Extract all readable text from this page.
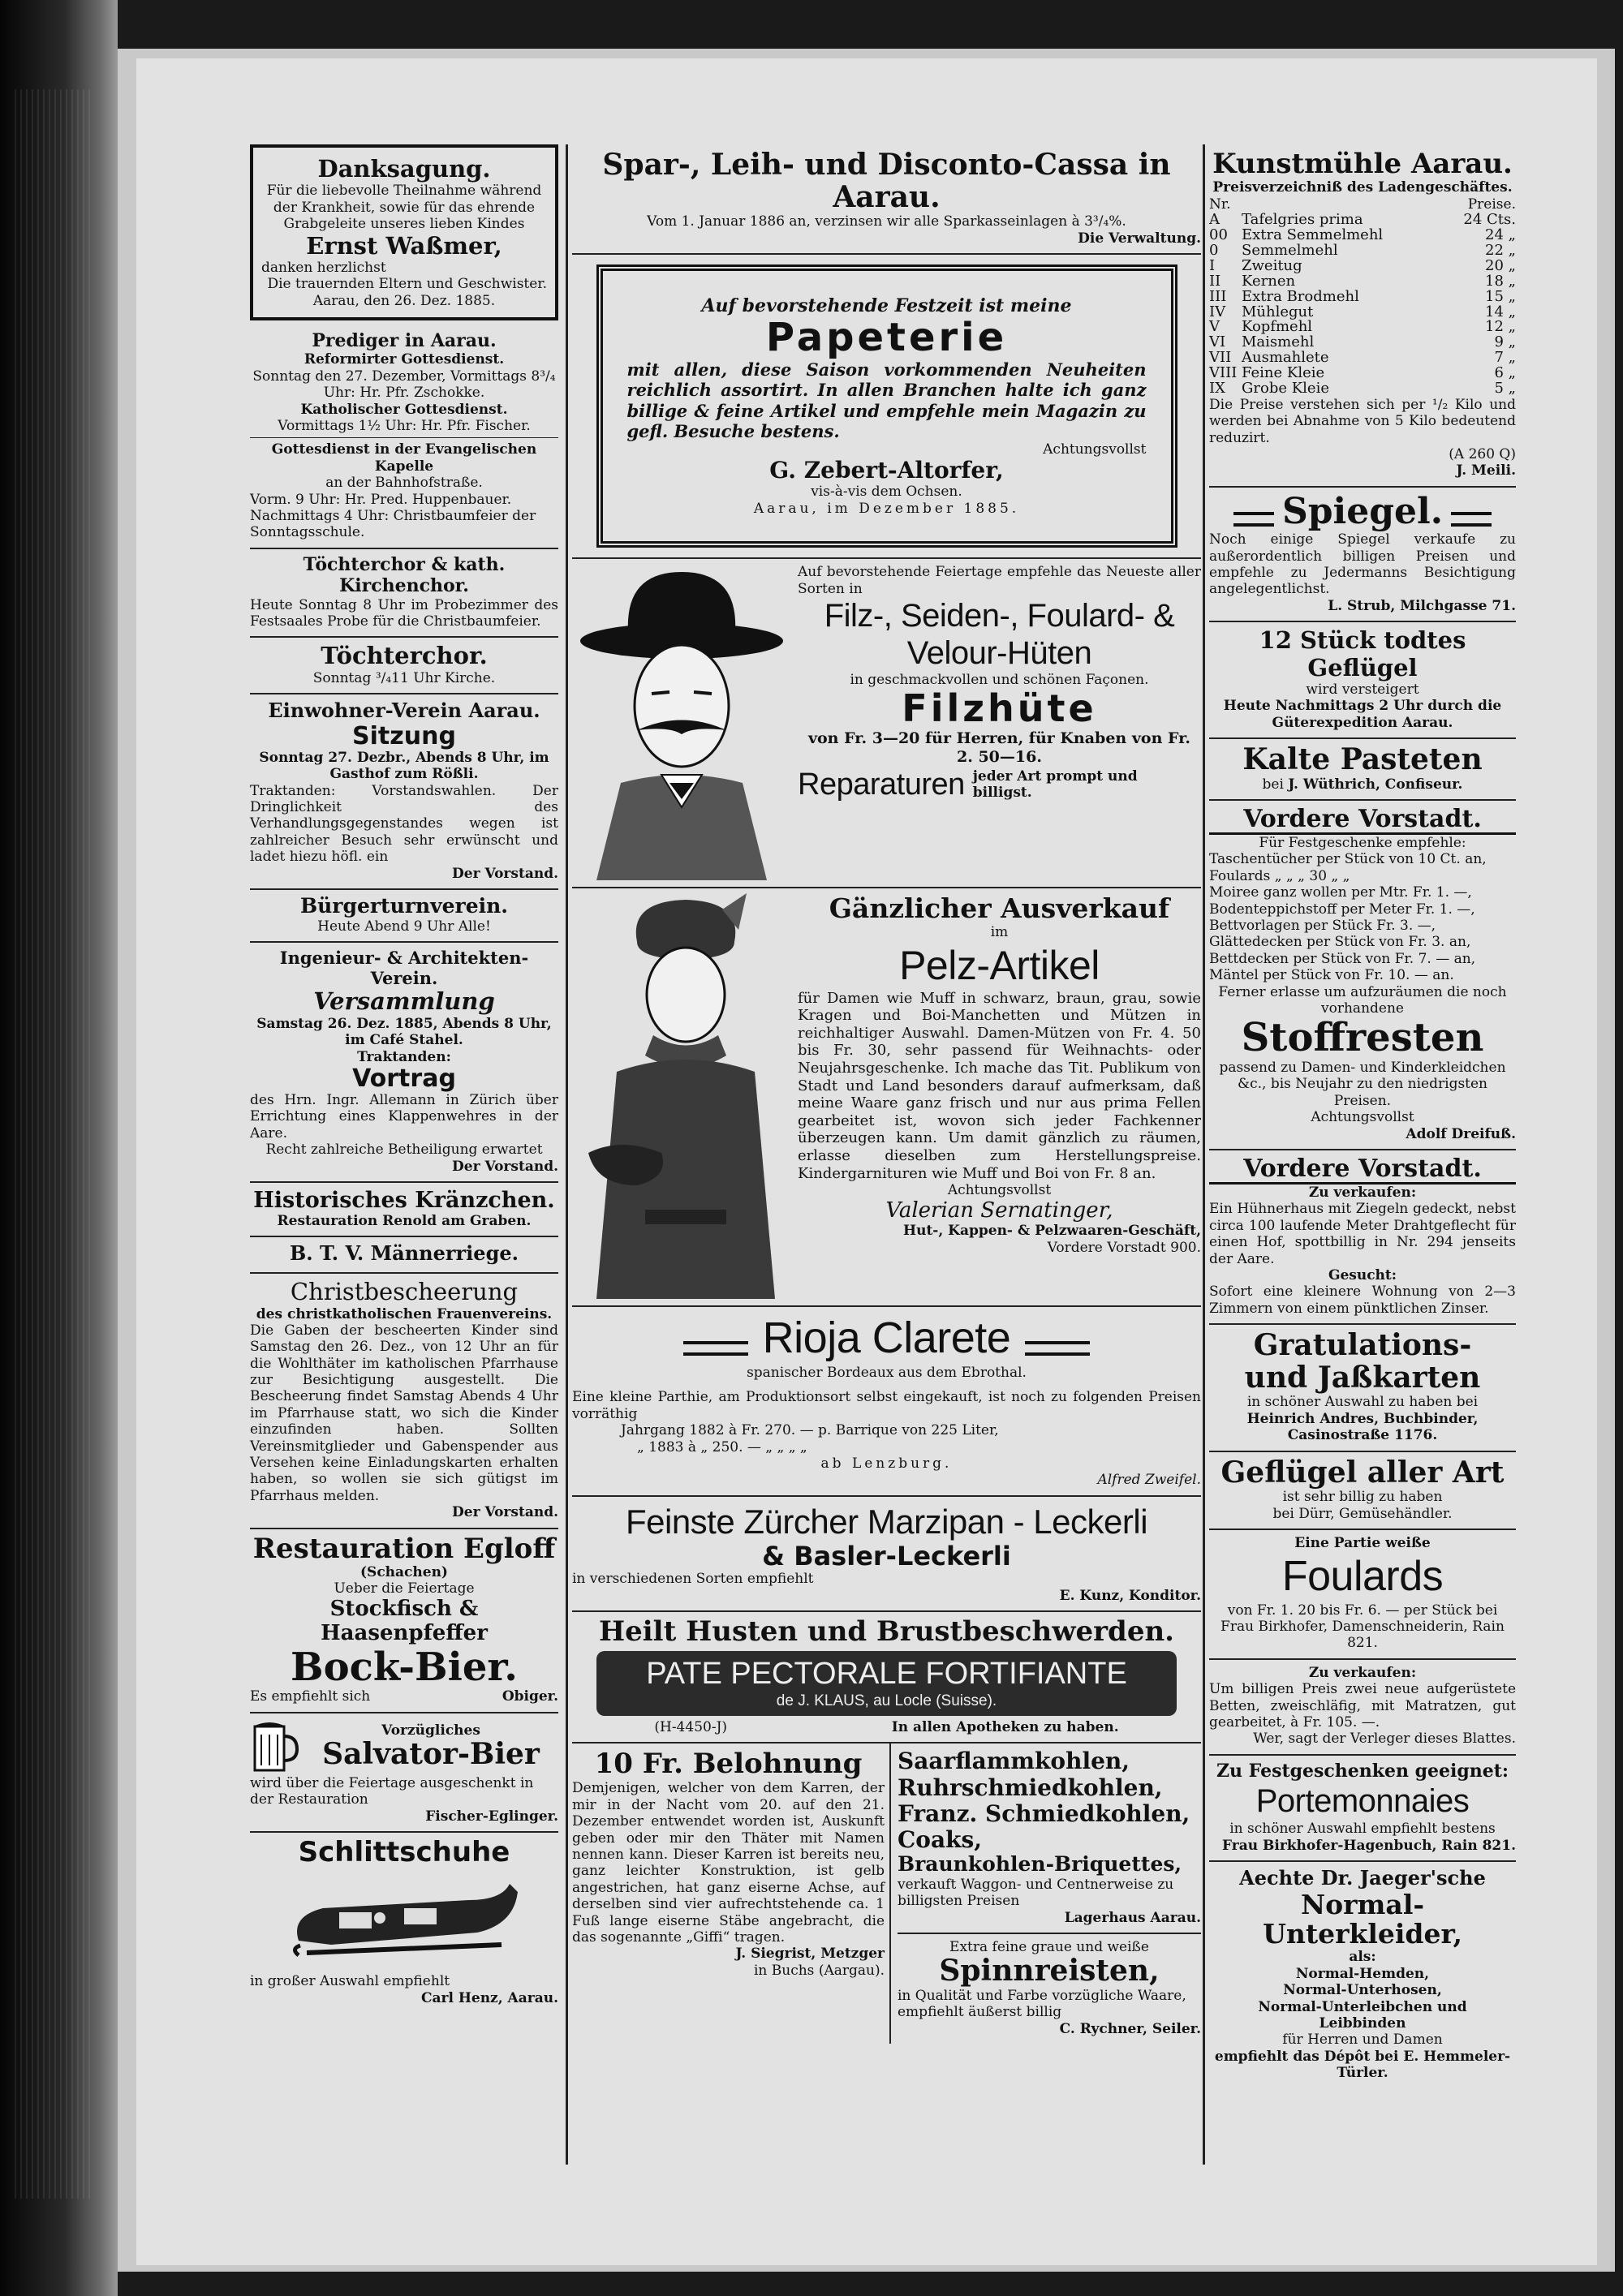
Danksagung.
Für die liebevolle Theilnahme während der Krankheit, sowie für das ehrende Grabgeleite unseres lieben Kindes
Ernst Waßmer,
danken herzlichst
Die trauernden Eltern und Geschwister.
Aarau, den 26. Dez. 1885.
Prediger in Aarau.
Reformirter Gottesdienst.
Sonntag den 27. Dezember, Vormittags 8³/₄ Uhr: Hr. Pfr. Zschokke.
Katholischer Gottesdienst.
Vormittags 1½ Uhr: Hr. Pfr. Fischer.
Gottesdienst in der Evangelischen Kapelle
an der Bahnhofstraße.
Vorm. 9 Uhr: Hr. Pred. Huppenbauer. Nachmittags 4 Uhr: Christbaumfeier der Sonntagsschule.
Töchterchor & kath. Kirchenchor.
Heute Sonntag 8 Uhr im Probezimmer des Festsaales Probe für die Christbaumfeier.
Töchterchor.
Sonntag ³/₄11 Uhr Kirche.
Einwohner-Verein Aarau.
Sitzung
Sonntag 27. Dezbr., Abends 8 Uhr, im Gasthof zum Rößli.
Traktanden: Vorstandswahlen. Der Dringlichkeit des Verhandlungsgegenstandes wegen ist zahlreicher Besuch sehr erwünscht und ladet hiezu höfl. ein
Der Vorstand.
Bürgerturnverein.
Heute Abend 9 Uhr Alle!
Ingenieur- & Architekten-Verein.
Versammlung
Samstag 26. Dez. 1885, Abends 8 Uhr, im Café Stahel.
Traktanden:
Vortrag
des Hrn. Ingr. Allemann in Zürich über Errichtung eines Klappenwehres in der Aare.
Recht zahlreiche Betheiligung erwartet
Der Vorstand.
Historisches Kränzchen.
Restauration Renold am Graben.
B. T. V. Männerriege.
Christbescheerung
des christkatholischen Frauenvereins.
Die Gaben der bescheerten Kinder sind Samstag den 26. Dez., von 12 Uhr an für die Wohlthäter im katholischen Pfarrhause zur Besichtigung ausgestellt. Die Bescheerung findet Samstag Abends 4 Uhr im Pfarrhause statt, wo sich die Kinder einzufinden haben. Sollten Vereinsmitglieder und Gabenspender aus Versehen keine Einladungskarten erhalten haben, so wollen sie sich gütigst im Pfarrhaus melden.
Der Vorstand.
Restauration Egloff
(Schachen)
Ueber die Feiertage
Stockfisch & Haasenpfeffer
Bock-Bier.
Es empfiehlt sich	Obiger.
Vorzügliches
Salvator-Bier
wird über die Feiertage ausgeschenkt in der Restauration
Fischer-Eglinger.
Schlittschuhe
in großer Auswahl empfiehlt
Carl Henz, Aarau.
Spar-, Leih- und Disconto-Cassa in Aarau.
Vom 1. Januar 1886 an, verzinsen wir alle Sparkasseinlagen à 3³/₄%.
Die Verwaltung.
Auf bevorstehende Festzeit ist meine
Papeterie
mit allen, diese Saison vorkommenden Neuheiten reichlich assortirt. In allen Branchen halte ich ganz billige & feine Artikel und empfehle mein Magazin zu gefl. Besuche bestens.
Achtungsvollst
G. Zebert-Altorfer,
vis-à-vis dem Ochsen.
Aarau, im Dezember 1885.
Auf bevorstehende Feiertage empfehle das Neueste aller Sorten in
Filz-, Seiden-, Foulard- & Velour-Hüten
in geschmackvollen und schönen Façonen.
Filzhüte
von Fr. 3—20 für Herren, für Knaben von Fr. 2. 50—16.
Reparaturen jeder Art prompt und billigst.
Gänzlicher Ausverkauf
im
Pelz-Artikel
für Damen wie Muff in schwarz, braun, grau, sowie Kragen und Boi-Manchetten und Mützen in reichhaltiger Auswahl. Damen-Mützen von Fr. 4. 50 bis Fr. 30, sehr passend für Weihnachts- oder Neujahrsgeschenke. Ich mache das Tit. Publikum von Stadt und Land besonders darauf aufmerksam, daß meine Waare ganz frisch und nur aus prima Fellen gearbeitet ist, wovon sich jeder Fachkenner überzeugen kann. Um damit gänzlich zu räumen, erlasse dieselben zum Herstellungspreise. Kindergarnituren wie Muff und Boi von Fr. 8 an.
Achtungsvollst
Valerian Sernatinger,
Hut-, Kappen- & Pelzwaaren-Geschäft,
Vordere Vorstadt 900.
Rioja Clarete
spanischer Bordeaux aus dem Ebrothal.
Eine kleine Parthie, am Produktionsort selbst eingekauft, ist noch zu folgenden Preisen vorräthig
Jahrgang 1882 à Fr. 270. — p. Barrique von 225 Liter,
„ 1883 à „ 250. — „ „ „ „
ab Lenzburg.
Alfred Zweifel.
Feinste Zürcher Marzipan - Leckerli
& Basler-Leckerli
in verschiedenen Sorten empfiehlt
E. Kunz, Konditor.
Heilt Husten und Brustbeschwerden.
PATE PECTORALE FORTIFIANTE
de J. KLAUS, au Locle (Suisse).
(H-4450-J)	In allen Apotheken zu haben.
10 Fr. Belohnung
Demjenigen, welcher von dem Karren, der mir in der Nacht vom 20. auf den 21. Dezember entwendet worden ist, Auskunft geben oder mir den Thäter mit Namen nennen kann. Dieser Karren ist bereits neu, ganz leichter Konstruktion, ist gelb angestrichen, hat ganz eiserne Achse, auf derselben sind vier aufrechtstehende ca. 1 Fuß lange eiserne Stäbe angebracht, die das sogenannte „Giffi“ tragen.
J. Siegrist, Metzger
in Buchs (Aargau).
Saarflammkohlen,
Ruhrschmiedkohlen,
Franz. Schmiedkohlen,
Coaks,
Braunkohlen-Briquettes,
verkauft Waggon- und Centnerweise zu billigsten Preisen
Lagerhaus Aarau.
Extra feine graue und weiße
Spinnreisten,
in Qualität und Farbe vorzügliche Waare, empfiehlt äußerst billig
C. Rychner, Seiler.
Kunstmühle Aarau.
Preisverzeichniß des Ladengeschäftes.
Nr.	Preise.
A	Tafelgries prima	24 Cts.
00	Extra Semmelmehl	24 „
0	Semmelmehl	22 „
I	Zweitug	20 „
II	Kernen	18 „
III	Extra Brodmehl	15 „
IV	Mühlegut	14 „
V	Kopfmehl	12 „
VI	Maismehl	9 „
VII	Ausmahlete	7 „
VIII	Feine Kleie	6 „
IX	Grobe Kleie	5 „
Die Preise verstehen sich per ¹/₂ Kilo und werden bei Abnahme von 5 Kilo bedeutend reduzirt.
(A 260 Q)
J. Meili.
Spiegel.
Noch einige Spiegel verkaufe zu außerordentlich billigen Preisen und empfehle zu Jedermanns Besichtigung angelegentlichst.
L. Strub, Milchgasse 71.
12 Stück todtes Geflügel
wird versteigert
Heute Nachmittags 2 Uhr durch die Güterexpedition Aarau.
Kalte Pasteten
bei J. Wüthrich, Confiseur.
Vordere Vorstadt.
Für Festgeschenke empfehle:
Taschentücher per Stück von 10 Ct. an,
Foulards „ „ „ 30 „ „
Moiree ganz wollen per Mtr. Fr. 1. —,
Bodenteppichstoff per Meter Fr. 1. —,
Bettvorlagen per Stück Fr. 3. —,
Glättedecken per Stück von Fr. 3. an,
Bettdecken per Stück von Fr. 7. — an,
Mäntel per Stück von Fr. 10. — an.
Ferner erlasse um aufzuräumen die noch vorhandene
Stoffresten
passend zu Damen- und Kinderkleidchen &c., bis Neujahr zu den niedrigsten Preisen.
Achtungsvollst
Adolf Dreifuß.
Vordere Vorstadt.
Zu verkaufen:
Ein Hühnerhaus mit Ziegeln gedeckt, nebst circa 100 laufende Meter Drahtgeflecht für einen Hof, spottbillig in Nr. 294 jenseits der Aare.
Gesucht:
Sofort eine kleinere Wohnung von 2—3 Zimmern von einem pünktlichen Zinser.
Gratulations-
und Jaßkarten
in schöner Auswahl zu haben bei
Heinrich Andres, Buchbinder, Casinostraße 1176.
Geflügel aller Art
ist sehr billig zu haben
bei Dürr, Gemüsehändler.
Eine Partie weiße
Foulards
von Fr. 1. 20 bis Fr. 6. — per Stück bei Frau Birkhofer, Damenschneiderin, Rain 821.
Zu verkaufen:
Um billigen Preis zwei neue aufgerüstete Betten, zweischläfig, mit Matratzen, gut gearbeitet, à Fr. 105. —.
Wer, sagt der Verleger dieses Blattes.
Zu Festgeschenken geeignet:
Portemonnaies
in schöner Auswahl empfiehlt bestens
Frau Birkhofer-Hagenbuch, Rain 821.
Aechte Dr. Jaeger'sche
Normal-Unterkleider,
als:
Normal-Hemden,
Normal-Unterhosen,
Normal-Unterleibchen und
Leibbinden
für Herren und Damen
empfiehlt das Dépôt bei E. Hemmeler-Türler.
